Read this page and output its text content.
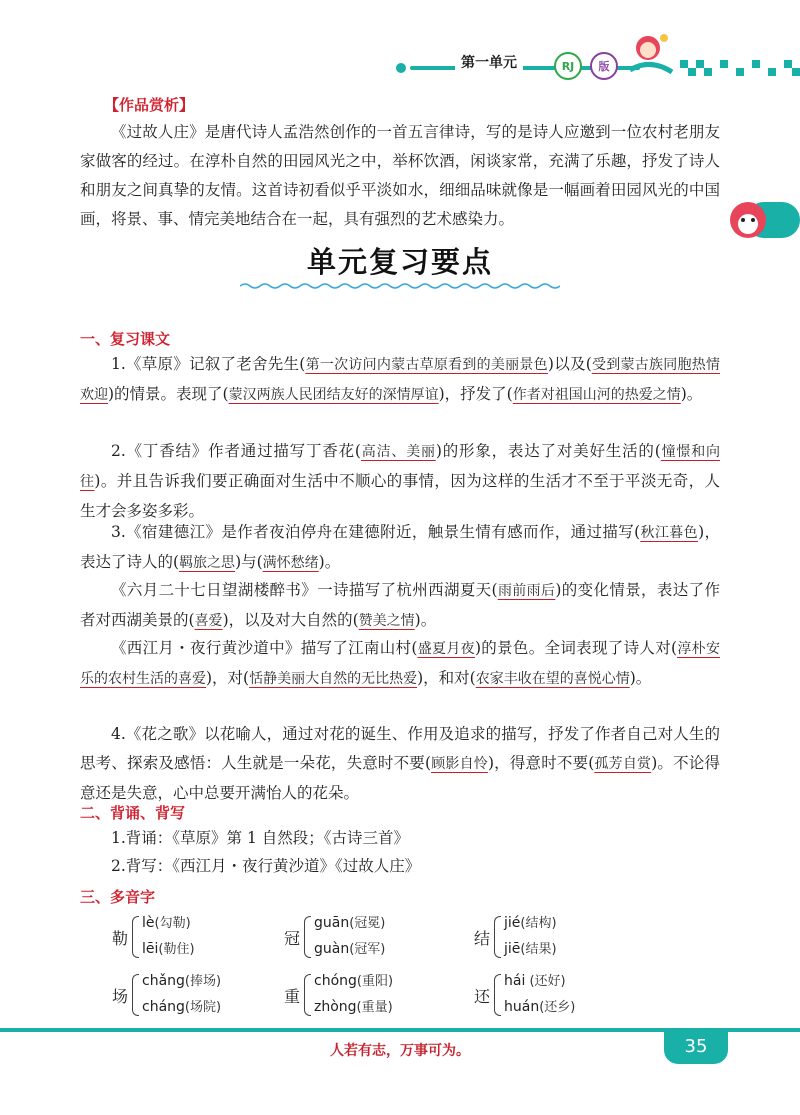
第一单元	RJ	版
【作品赏析】
《过故人庄》是唐代诗人孟浩然创作的一首五言律诗，写的是诗人应邀到一位农村老朋友家做客的经过。在淳朴自然的田园风光之中，举杯饮酒，闲谈家常，充满了乐趣，抒发了诗人和朋友之间真挚的友情。这首诗初看似乎平淡如水，细细品味就像是一幅画着田园风光的中国画，将景、事、情完美地结合在一起，具有强烈的艺术感染力。
单元复习要点
一、复习课文
1.《草原》记叙了老舍先生(第一次访问内蒙古草原看到的美丽景色)以及(受到蒙古族同胞热情欢迎)的情景。表现了(蒙汉两族人民团结友好的深情厚谊)，抒发了(作者对祖国山河的热爱之情)。
2.《丁香结》作者通过描写丁香花(高洁、美丽)的形象，表达了对美好生活的(憧憬和向往)。并且告诉我们要正确面对生活中不顺心的事情，因为这样的生活才不至于平淡无奇，人生才会多姿多彩。
3.《宿建德江》是作者夜泊停舟在建德附近，触景生情有感而作，通过描写(秋江暮色)，表达了诗人的(羁旅之思)与(满怀愁绪)。
《六月二十七日望湖楼醉书》一诗描写了杭州西湖夏天(雨前雨后)的变化情景，表达了作者对西湖美景的(喜爱)，以及对大自然的(赞美之情)。
《西江月・夜行黄沙道中》描写了江南山村(盛夏月夜)的景色。全词表现了诗人对(淳朴安乐的农村生活的喜爱)，对(恬静美丽大自然的无比热爱)，和对(农家丰收在望的喜悦心情)。
4.《花之歌》以花喻人，通过对花的诞生、作用及追求的描写，抒发了作者自己对人生的思考、探索及感悟：人生就是一朵花，失意时不要(顾影自怜)，得意时不要(孤芳自赏)。不论得意还是失意，心中总要开满怡人的花朵。
二、背诵、背写
1.背诵：《草原》第 1 自然段；《古诗三首》
2.背写：《西江月・夜行黄沙道》《过故人庄》
三、多音字
勒
lè(勾勒)
lēi(勒住)
冠
guān(冠冕)
guàn(冠军)
结
jié(结构)
jiē(结果)
场
chǎng(捧场)
cháng(场院)
重
chóng(重阳)
zhòng(重量)
还
hái (还好)
huán(还乡)
人若有志，万事可为。	35
